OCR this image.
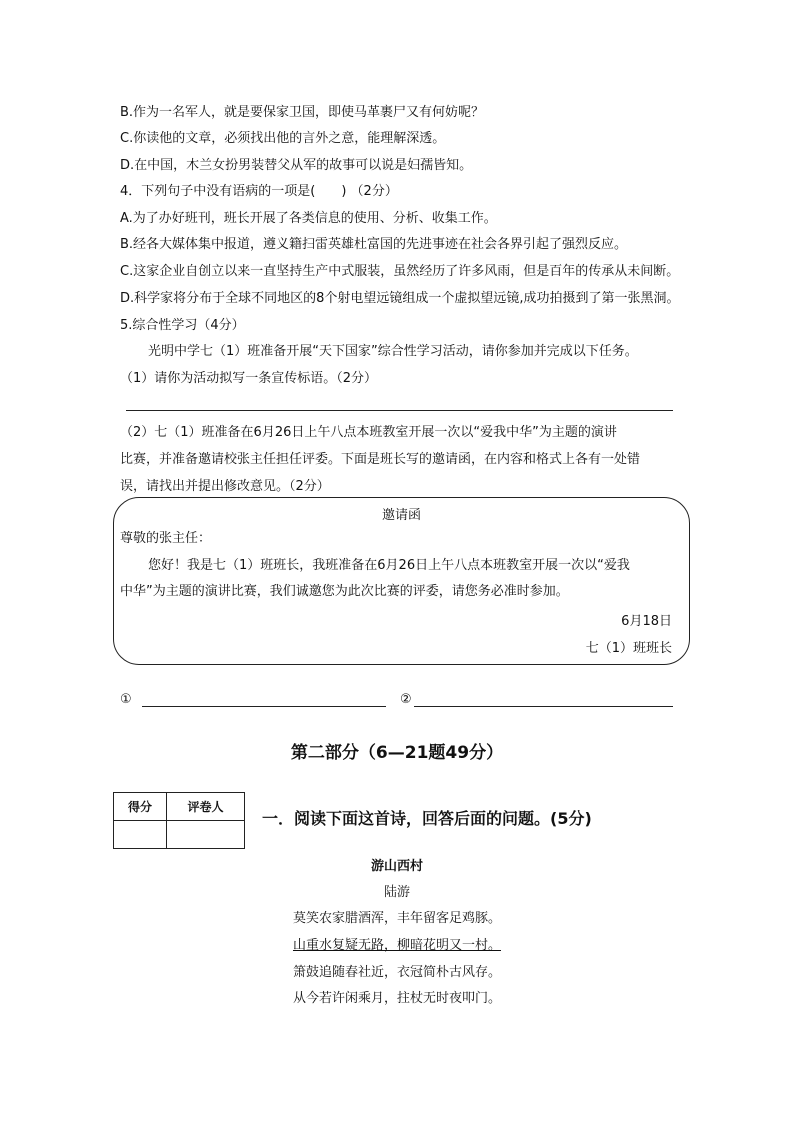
B.作为一名军人，就是要保家卫国，即使马革裹尸又有何妨呢？
C.你读他的文章，必须找出他的言外之意，能理解深透。
D.在中国，木兰女扮男装替父从军的故事可以说是妇孺皆知。
4．下列句子中没有语病的一项是(　　) （2分）
A.为了办好班刊，班长开展了各类信息的使用、分析、收集工作。
B.经各大媒体集中报道，遵义籍扫雷英雄杜富国的先进事迹在社会各界引起了强烈反应。
C.这家企业自创立以来一直坚持生产中式服装，虽然经历了许多风雨，但是百年的传承从未间断。
D.科学家将分布于全球不同地区的8个射电望远镜组成一个虚拟望远镜,成功拍摄到了第一张黑洞。
5.综合性学习（4分）
光明中学七（1）班准备开展“天下国家”综合性学习活动，请你参加并完成以下任务。
（1）请你为活动拟写一条宣传标语。（2分）
（2）七（1）班准备在6月26日上午八点本班教室开展一次以“爱我中华”为主题的演讲
比赛，并准备邀请校张主任担任评委。下面是班长写的邀请函，在内容和格式上各有一处错
误，请找出并提出修改意见。（2分）
邀请函
尊敬的张主任：
您好！我是七（1）班班长，我班准备在6月26日上午八点本班教室开展一次以“爱我
中华”为主题的演讲比赛，我们诚邀您为此次比赛的评委，请您务必准时参加。
6月18日
七（1）班班长
①	②
第二部分（6—21题49分）
得分	评卷人

一．阅读下面这首诗，回答后面的问题。(5分)
游山西村
陆游
莫笑农家腊酒浑，丰年留客足鸡豚。
山重水复疑无路，柳暗花明又一村。
箫鼓追随春社近，衣冠简朴古风存。
从今若许闲乘月，拄杖无时夜叩门。
